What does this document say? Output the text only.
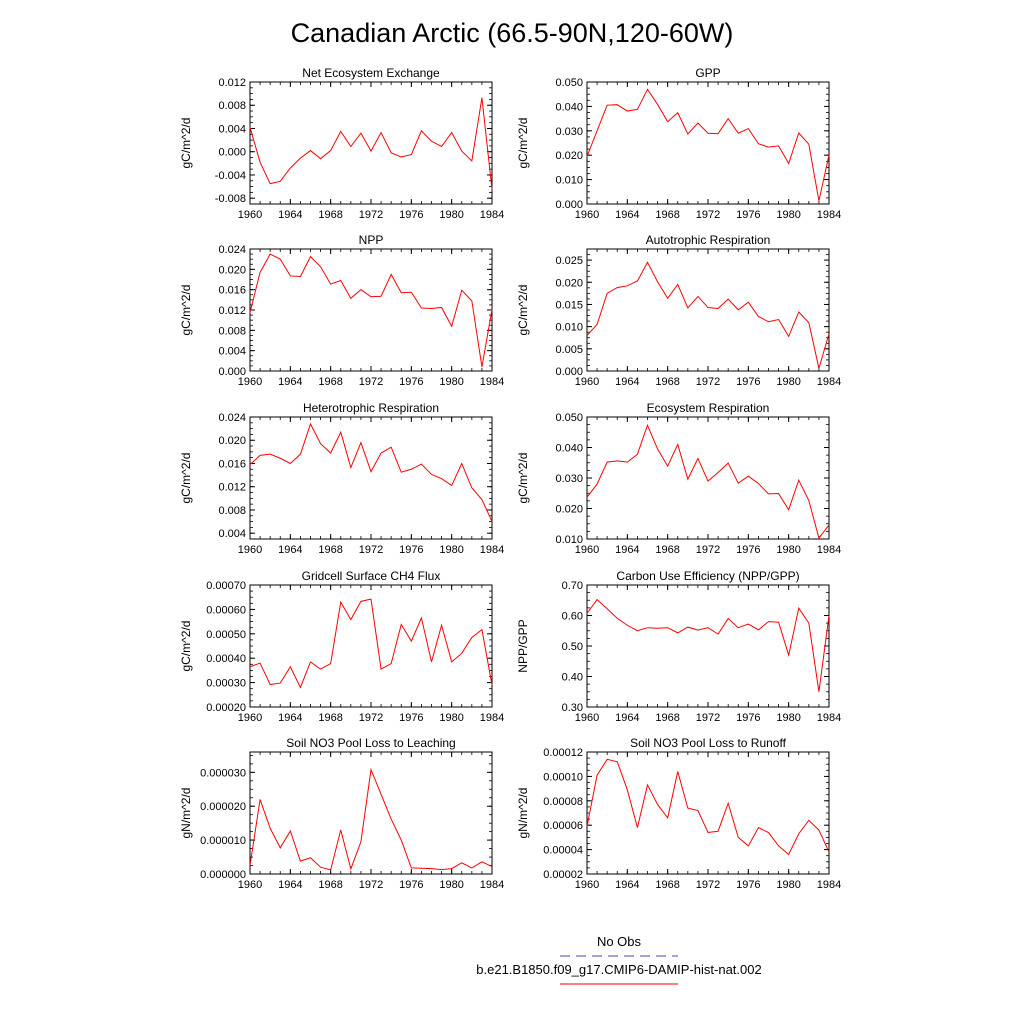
Canadian Arctic (66.5-90N,120-60W)
Net Ecosystem Exchange
1960 1964 1968 1972 1976 1980 1984
-0.008
-0.004
0.000
0.004
0.008
0.012
gC/m^2/d
GPP
1960 1964 1968 1972 1976 1980 1984
0.000
0.010
0.020
0.030
0.040
0.050
gC/m^2/d
NPP
1960 1964 1968 1972 1976 1980 1984
0.000
0.004
0.008
0.012
0.016
0.020
0.024
gC/m^2/d
Autotrophic Respiration
1960 1964 1968 1972 1976 1980 1984
0.000
0.005
0.010
0.015
0.020
0.025
gC/m^2/d
Heterotrophic Respiration
1960 1964 1968 1972 1976 1980 1984
0.004
0.008
0.012
0.016
0.020
0.024
gC/m^2/d
Ecosystem Respiration
1960 1964 1968 1972 1976 1980 1984
0.010
0.020
0.030
0.040
0.050
gC/m^2/d
Gridcell Surface CH4 Flux
1960 1964 1968 1972 1976 1980 1984
0.00020
0.00030
0.00040
0.00050
0.00060
0.00070
gC/m^2/d
Carbon Use Efficiency (NPP/GPP)
1960 1964 1968 1972 1976 1980 1984
0.30
0.40
0.50
0.60
0.70
NPP/GPP
Soil NO3 Pool Loss to Leaching
1960 1964 1968 1972 1976 1980 1984
0.000000
0.000010
0.000020
0.000030
gN/m^2/d
Soil NO3 Pool Loss to Runoff
1960 1964 1968 1972 1976 1980 1984
0.00002
0.00004
0.00006
0.00008
0.00010
0.00012
gN/m^2/d
No Obs
b.e21.B1850.f09_g17.CMIP6-DAMIP-hist-nat.002
